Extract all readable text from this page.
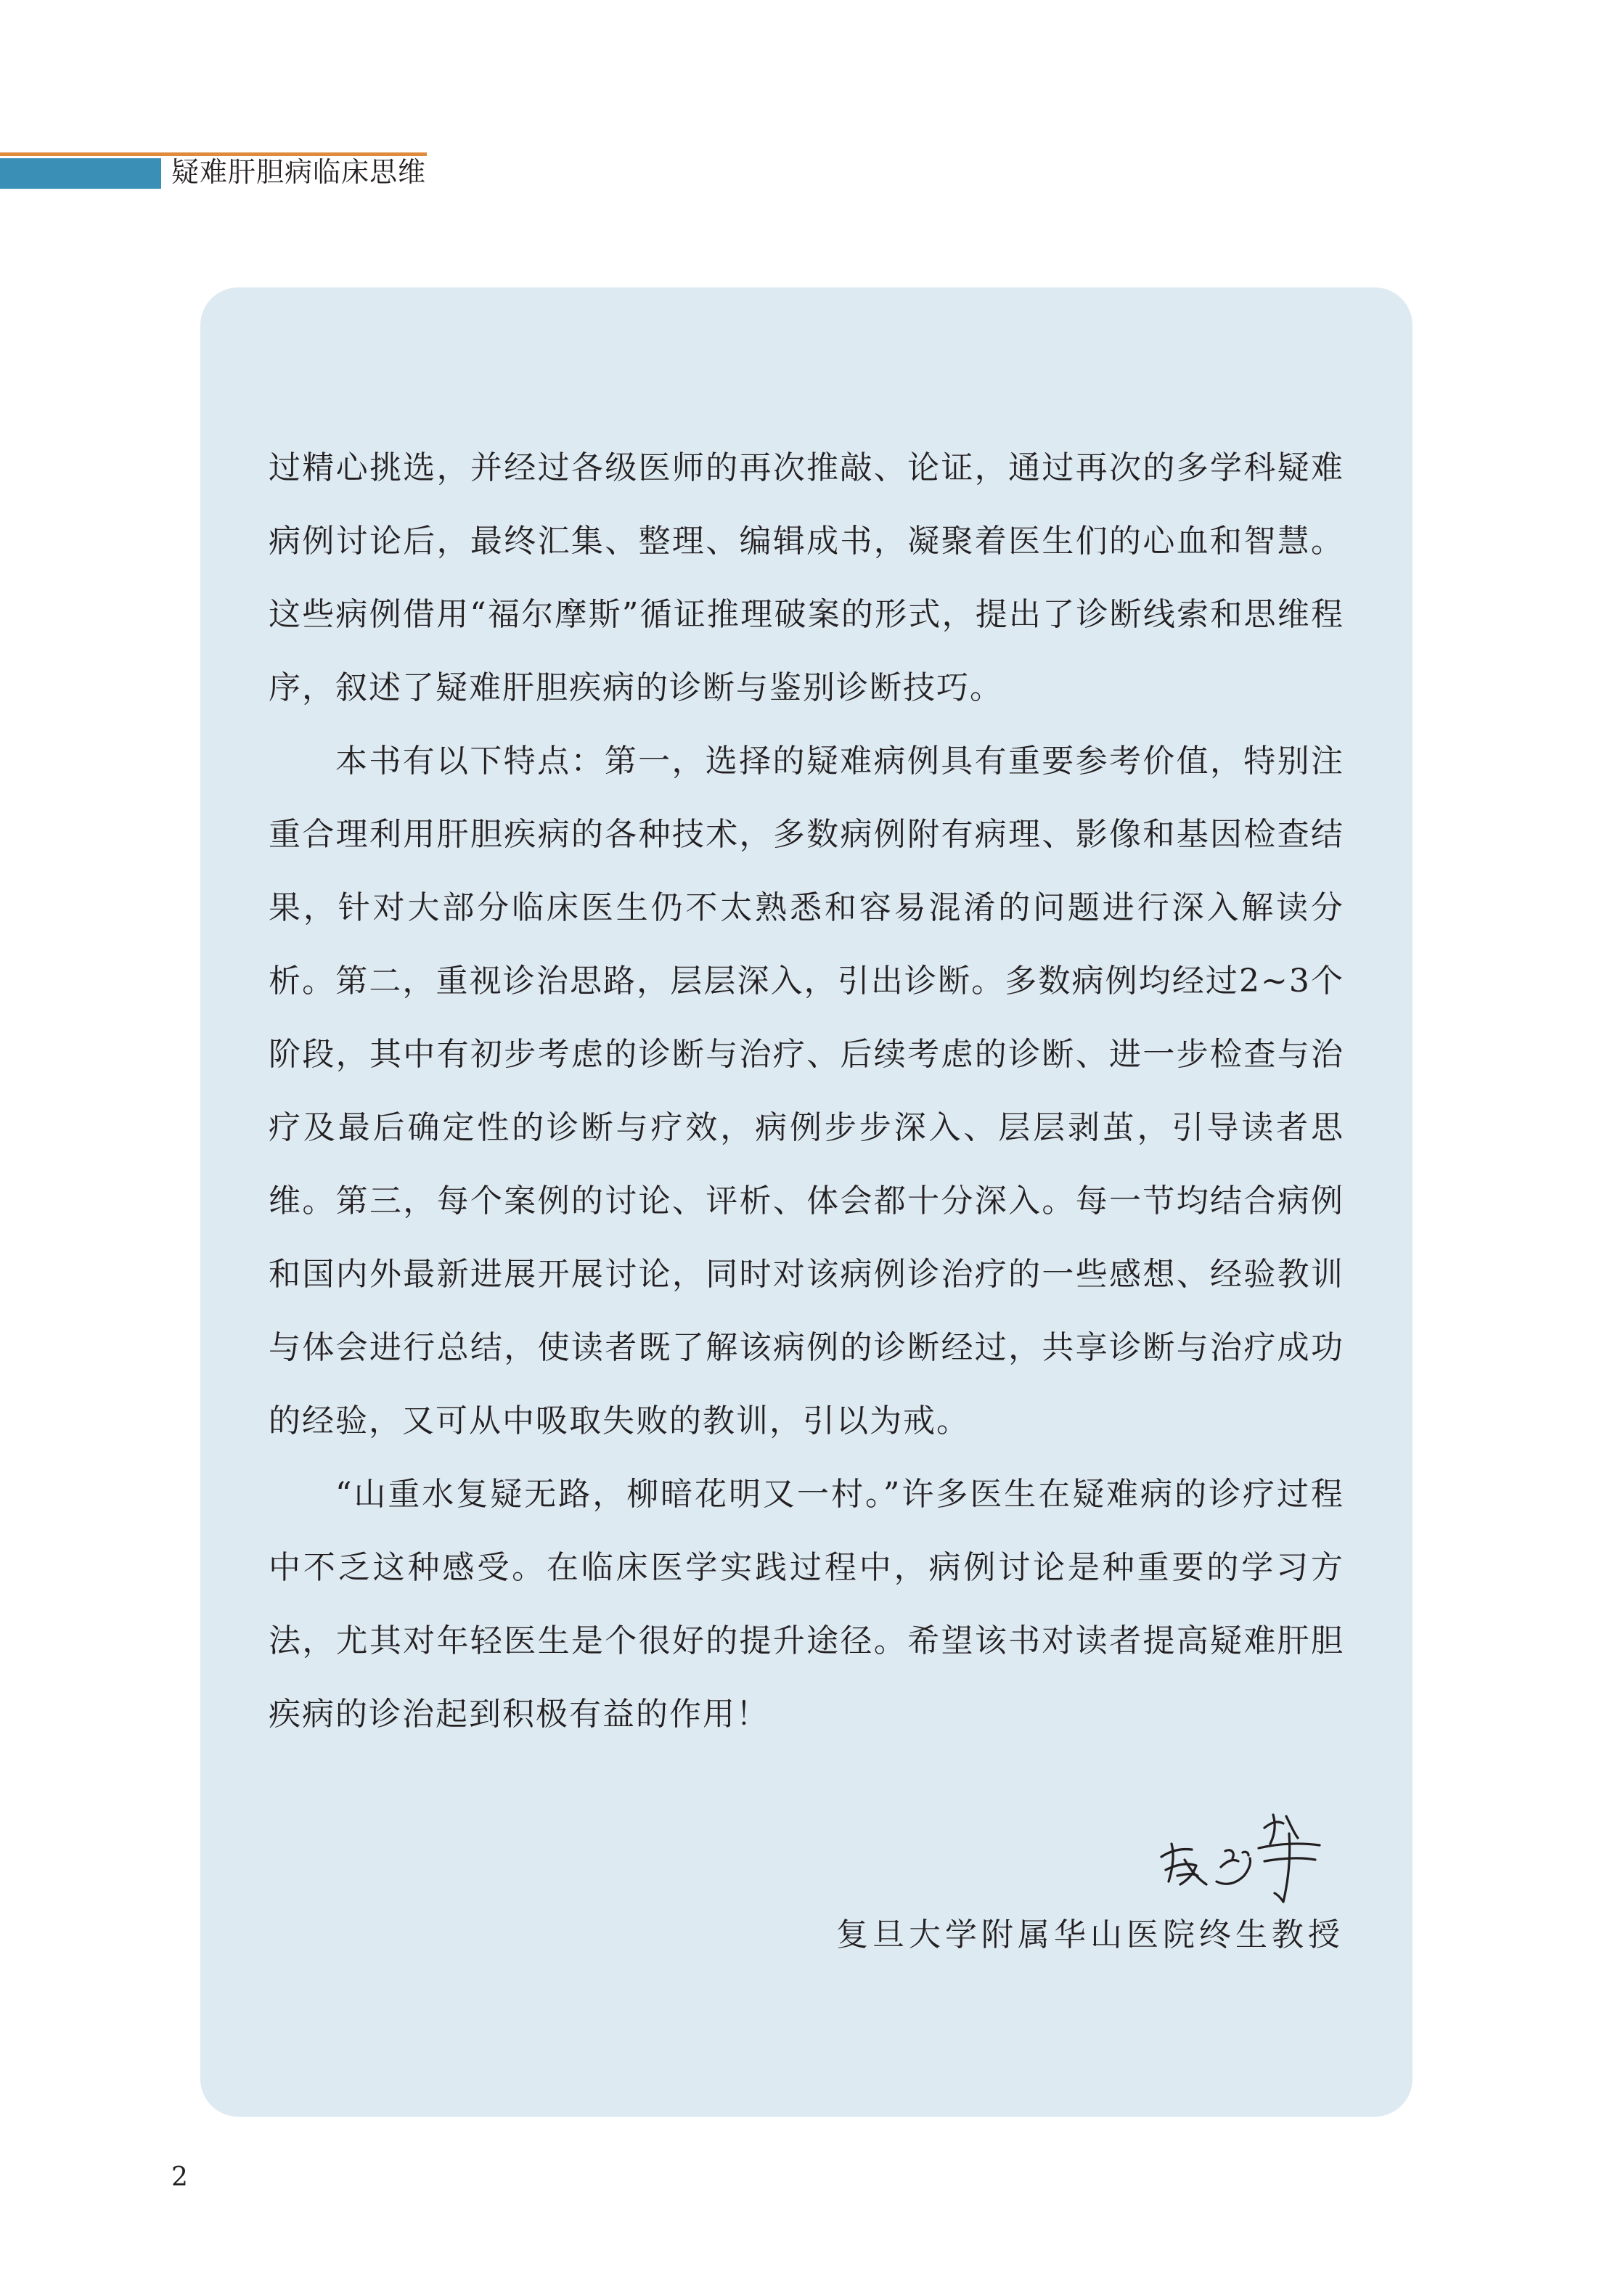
疑难肝胆病临床思维

过精心挑选，并经过各级医师的再次推敲、论证，通过再次的多学科疑难病例讨论后，最终汇集、整理、编辑成书，凝聚着医生们的心血和智慧。这些病例借用“福尔摩斯”循证推理破案的形式，提出了诊断线索和思维程序，叙述了疑难肝胆疾病的诊断与鉴别诊断技巧。

本书有以下特点：第一，选择的疑难病例具有重要参考价值，特别注重合理利用肝胆疾病的各种技术，多数病例附有病理、影像和基因检查结果，针对大部分临床医生仍不太熟悉和容易混淆的问题进行深入解读分析。第二，重视诊治思路，层层深入，引出诊断。多数病例均经过2~3个阶段，其中有初步考虑的诊断与治疗、后续考虑的诊断、进一步检查与治疗及最后确定性的诊断与疗效，病例步步深入、层层剥茧，引导读者思维。第三，每个案例的讨论、评析、体会都十分深入。每一节均结合病例和国内外最新进展开展讨论，同时对该病例诊治疗的一些感想、经验教训与体会进行总结，使读者既了解该病例的诊断经过，共享诊断与治疗成功的经验，又可从中吸取失败的教训，引以为戒。

“山重水复疑无路，柳暗花明又一村。”许多医生在疑难病的诊疗过程中不乏这种感受。在临床医学实践过程中，病例讨论是种重要的学习方法，尤其对年轻医生是个很好的提升途径。希望该书对读者提高疑难肝胆疾病的诊治起到积极有益的作用！

复旦大学附属华山医院终生教授
2
